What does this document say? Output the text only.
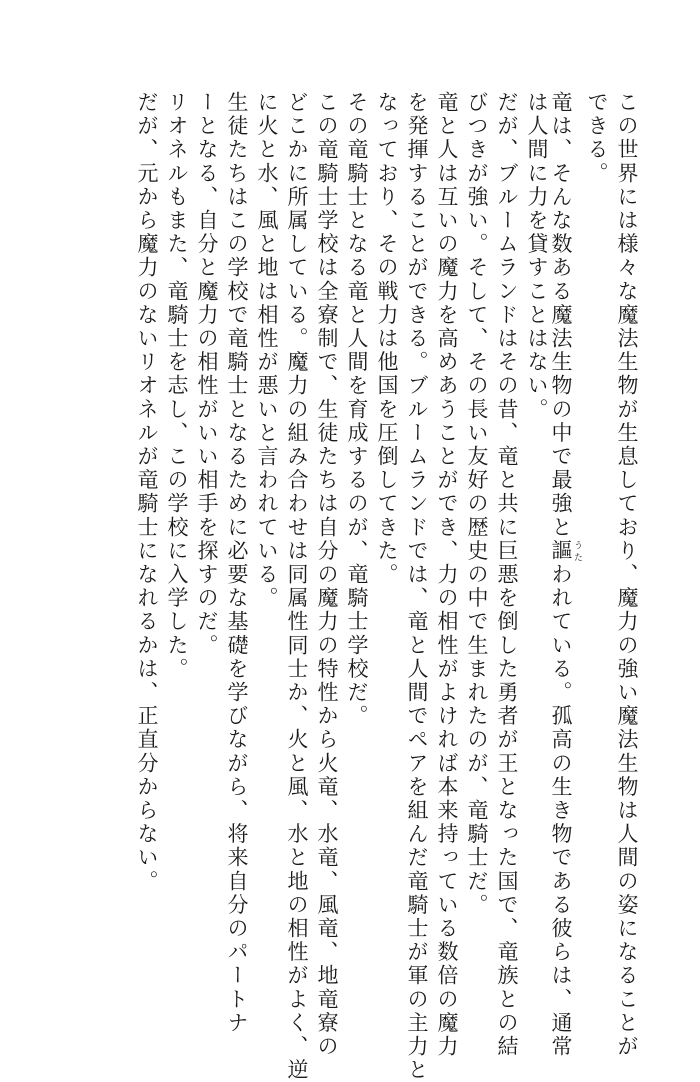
この世界には様々な魔法生物が生息しており、魔力の強い魔法生物は人間の姿になることが

できる。

竜は、そんな数ある魔法生物の中で最強と謳 うたわれている。孤高の生き物である彼らは、通常

は人間に力を貸すことはない。

だが、ブルームランドはその昔、竜と共に巨悪を倒した勇者が王となった国で、竜族との結

びつきが強い。そして、その長い友好の歴史の中で生まれたのが、竜騎士だ。

竜と人は互いの魔力を高めあうことができ、力の相性がよければ本来持っている数倍の魔力

を発揮することができる。ブルームランドでは、竜と人間でペアを組んだ竜騎士が軍の主力と

なっており、その戦力は他国を圧倒してきた。

その竜騎士となる竜と人間を育成するのが、竜騎士学校だ。

この竜騎士学校は全寮制で、生徒たちは自分の魔力の特性から火竜、水竜、風竜、地竜寮の

どこかに所属している。魔力の組み合わせは同属性同士か、火と風、水と地の相性がよく、逆

に火と水、風と地は相性が悪いと言われている。

生徒たちはこの学校で竜騎士となるために必要な基礎を学びながら、将来自分のパートナ

ーとなる、自分と魔力の相性がいい相手を探すのだ。

リオネルもまた、竜騎士を志し、この学校に入学した。

だが、元から魔力のないリオネルが竜騎士になれるかは、正直分からない。
